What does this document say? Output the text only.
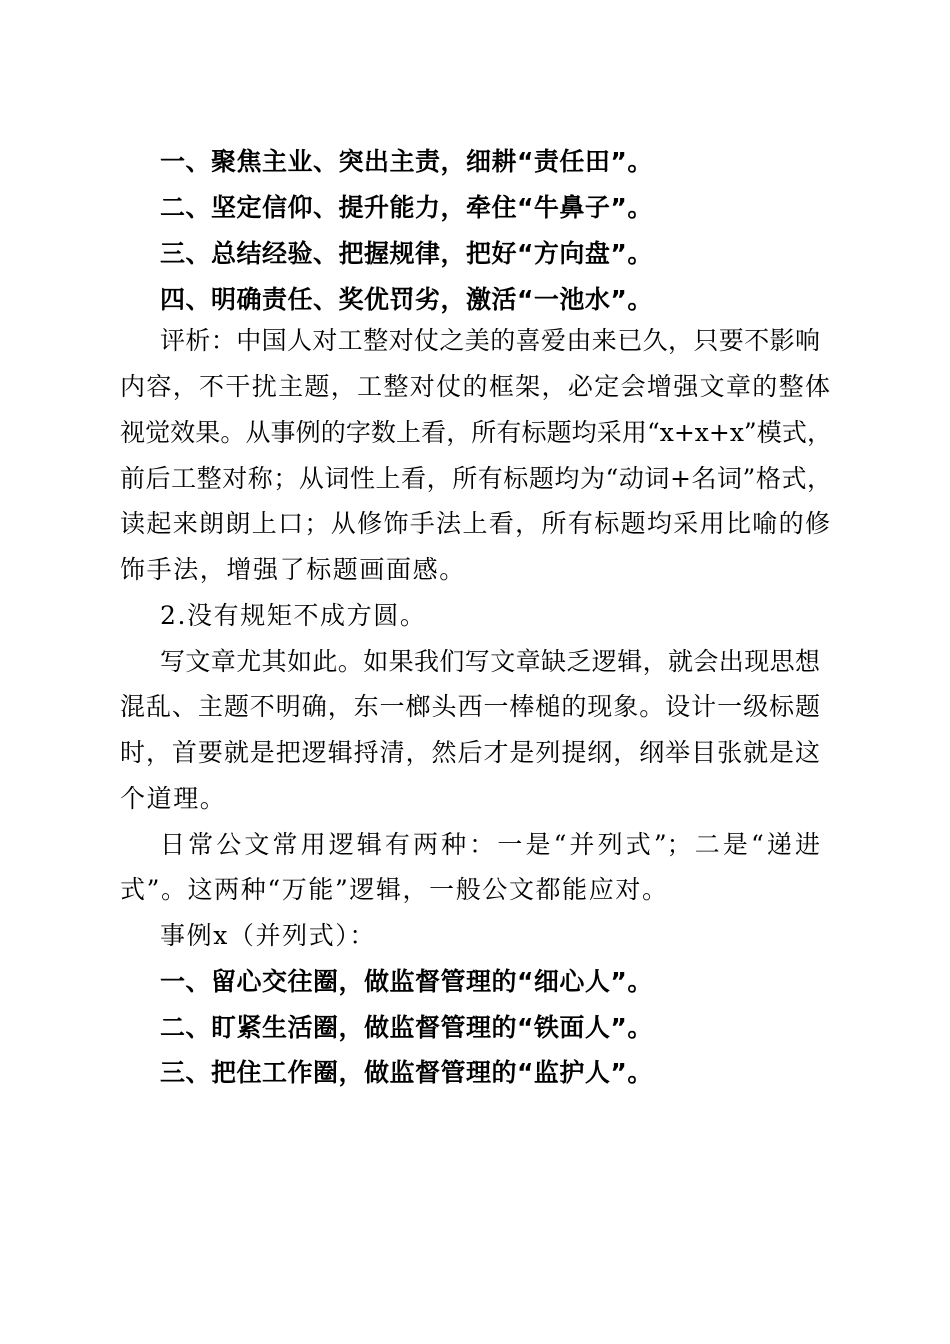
一、聚焦主业、突出主责，细耕“责任田”。
二、坚定信仰、提升能力，牵住“牛鼻子”。
三、总结经验、把握规律，把好“方向盘”。
四、明确责任、奖优罚劣，激活“一池水”。
评析：中国人对工整对仗之美的喜爱由来已久，只要不影响
内容，不干扰主题，工整对仗的框架，必定会增强文章的整体
视觉效果。从事例的字数上看，所有标题均采用“x+x+x”模式，
前后工整对称；从词性上看，所有标题均为“动词+名词”格式，
读起来朗朗上口；从修饰手法上看，所有标题均采用比喻的修
饰手法，增强了标题画面感。
2.没有规矩不成方圆。
写文章尤其如此。如果我们写文章缺乏逻辑，就会出现思想
混乱、主题不明确，东一榔头西一棒槌的现象。设计一级标题
时，首要就是把逻辑捋清，然后才是列提纲，纲举目张就是这
个道理。
日常公文常用逻辑有两种：一是“并列式”；二是“递进
式”。这两种“万能”逻辑，一般公文都能应对。
事例x（并列式）：
一、留心交往圈，做监督管理的“细心人”。
二、盯紧生活圈，做监督管理的“铁面人”。
三、把住工作圈，做监督管理的“监护人”。
